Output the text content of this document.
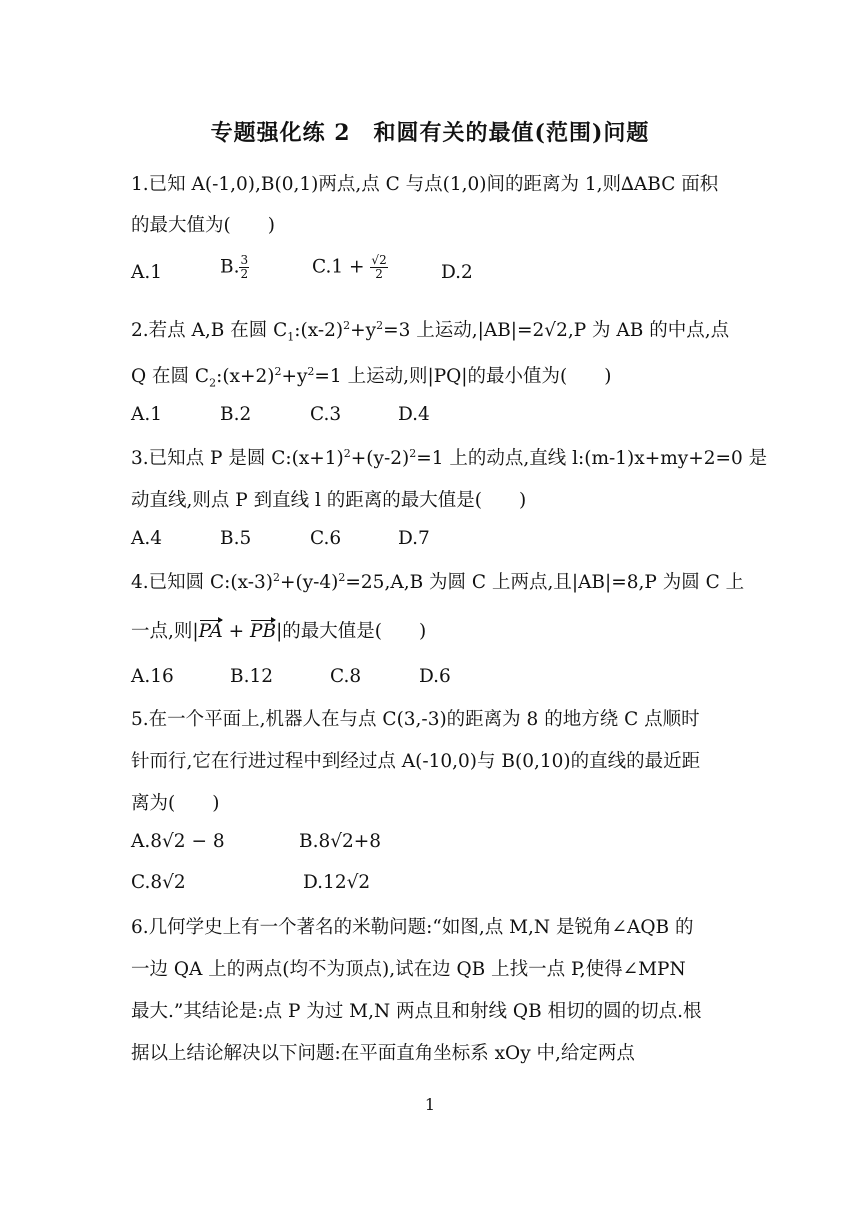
专题强化练 2　和圆有关的最值(范围)问题
1.已知 A(-1,0),B(0,1)两点,点 C 与点(1,0)间的距离为 1,则∆ABC 面积
的最大值为(　　)
A.1	B. $\frac{3}{2}$	$C.1 + \frac{√2}{2}$	D.2
2.若点 A,B 在圆 $C_1:(x-2)^2+y^2=3$ 上运动,|AB|=2√2,P 为 AB 的中点,点
Q 在圆 $C_2:(x+2)^2+y^2=1$ 上运动,则|PQ|的最小值为(　　)
A.1	B.2	C.3	D.4
3.已知点 P 是圆 $C:(x+1)^2+(y-2)^2=1$ 上的动点,直线 l:(m-1)x+my+2=0 是
动直线,则点 P 到直线 l 的距离的最大值是(　　)
A.4	B.5	C.6	D.7
4.已知圆 $C:(x-3)^2+(y-4)^2=25,A,B$ 为圆 C 上两点,且|AB|=8,P 为圆 C 上
一点,则|PA + PB|的最大值是(　　)
A.16	B.12	C.8	D.6
5.在一个平面上,机器人在与点 C(3,-3)的距离为 8 的地方绕 C 点顺时
针而行,它在行进过程中到经过点 A(-10,0)与 B(0,10)的直线的最近距
离为(　　)
A.8√2 − 8	B.8√2+8
C.8√2	D.12√2
6.几何学史上有一个著名的米勒问题:“如图,点 M,N 是锐角∠AQB 的
一边 QA 上的两点(均不为顶点),试在边 QB 上找一点 P,使得∠MPN
最大.”其结论是:点 P 为过 M,N 两点且和射线 QB 相切的圆的切点.根
据以上结论解决以下问题:在平面直角坐标系 xOy 中,给定两点
1
